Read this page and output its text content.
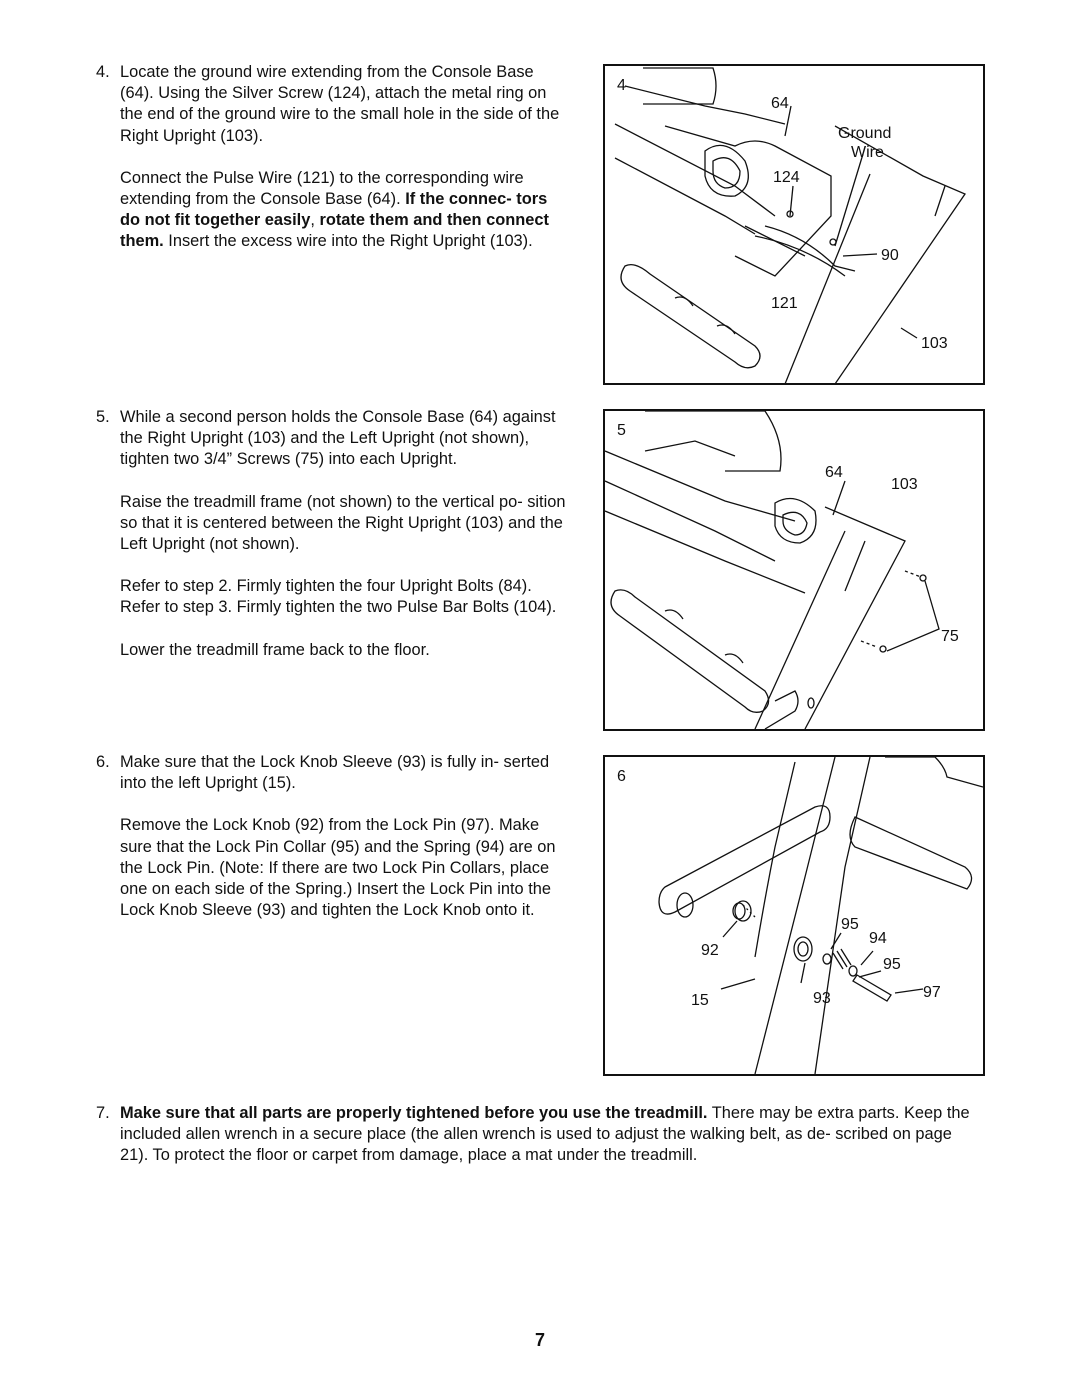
4. Locate the ground wire extending from the Console Base (64). Using the Silver Screw (124), attach the metal ring on the end of the ground wire to the small hole in the side of the Right Upright (103).

Connect the Pulse Wire (121) to the corresponding wire extending from the Console Base (64). If the connec- tors do not fit together easily, rotate them and then connect them. Insert the excess wire into the Right Upright (103).

5. While a second person holds the Console Base (64) against the Right Upright (103) and the Left Upright (not shown), tighten two 3/4” Screws (75) into each Upright.

Raise the treadmill frame (not shown) to the vertical po- sition so that it is centered between the Right Upright (103) and the Left Upright (not shown).

Refer to step 2. Firmly tighten the four Upright Bolts (84). Refer to step 3. Firmly tighten the two Pulse Bar Bolts (104).

Lower the treadmill frame back to the floor.

6. Make sure that the Lock Knob Sleeve (93) is fully in- serted into the left Upright (15).

Remove the Lock Knob (92) from the Lock Pin (97). Make sure that the Lock Pin Collar (95) and the Spring (94) are on the Lock Pin. (Note: If there are two Lock Pin Collars, place one on each side of the Spring.) Insert the Lock Pin into the Lock Knob Sleeve (93) and tighten the Lock Knob onto it.

7. Make sure that all parts are properly tightened before you use the treadmill. There may be extra parts. Keep the included allen wrench in a secure place (the allen wrench is used to adjust the walking belt, as de- scribed on page 21). To protect the floor or carpet from damage, place a mat under the treadmill.

4
64
Ground
Wire
124
90
121
103
5
64
103
75
6
95
94
92
95
15	93	97
7
